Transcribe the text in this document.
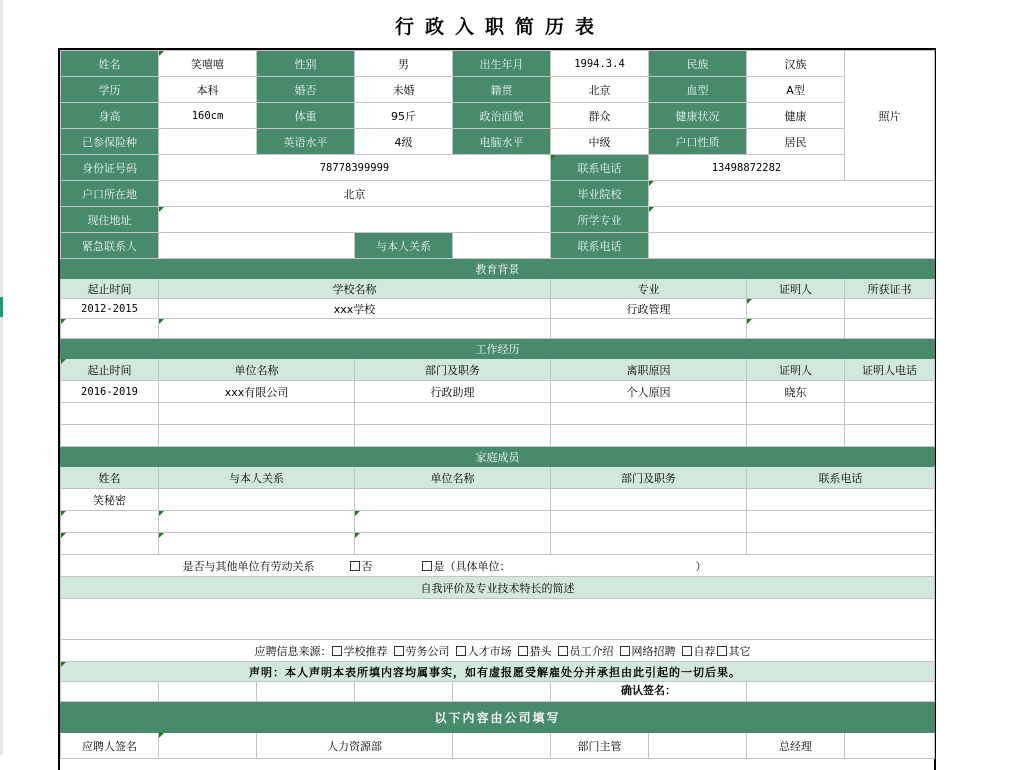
行政入职简历表
姓名	笑嘻嘻	性别	男	出生年月	1994.3.4	民族	汉族	照片
学历	本科	婚否	未婚	籍贯	北京	血型	A型	
身高	160cm	体重	95斤	政治面貌	群众	健康状况	健康	
已参保险种		英语水平	4级	电脑水平	中级	户口性质	居民	
身份证号码	78778399999				联系电话	13498872282		
户口所在地	北京				毕业院校			

现住地址					所学专业			

紧急联系人			与本人关系		联系电话			
教育背景								
起止时间	学校名称				专业		证明人	所获证书
2012-2015	xxx学校				行政管理		

工作经历								

起止时间	单位名称		部门及职务		离职原因		证明人	证明人电话
2016-2019	xxx有限公司		行政助理		个人原因		晓东	

家庭成员								
姓名	与本人关系		单位名称		部门及职务		联系电话	
笑秘密								

是否与其他单位有劳动关系 否 是（具体单位： ）								
自我评价及专业技术特长的简述								

应聘信息来源： 学校推荐 劳务公司 人才市场 猎头 员工介绍 网络招聘 自荐 其它								

声明：本人声明本表所填内容均属事实，如有虚报愿受解雇处分并承担由此引起的一切后果。								
					确认签名：			
以下内容由公司填写								
应聘人签名		人力资源部			部门主管		总经理	
